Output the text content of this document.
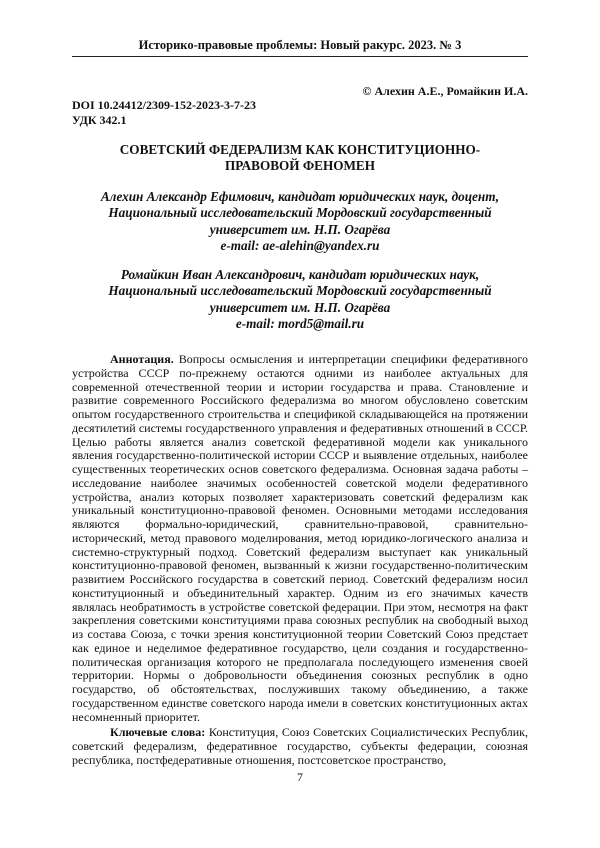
Историко-правовые проблемы: Новый ракурс. 2023. № 3
© Алехин А.Е., Ромайкин И.А.
DOI 10.24412/2309-152-2023-3-7-23
УДК 342.1
СОВЕТСКИЙ ФЕДЕРАЛИЗМ КАК КОНСТИТУЦИОННО-
ПРАВОВОЙ ФЕНОМЕН
Алехин Александр Ефимович, кандидат юридических наук, доцент,
Национальный исследовательский Мордовский государственный
университет им. Н.П. Огарёва
e-mail: ae-alehin@yandex.ru
Ромайкин Иван Александрович, кандидат юридических наук,
Национальный исследовательский Мордовский государственный
университет им. Н.П. Огарёва
e-mail: mord5@mail.ru

Аннотация. Вопросы осмысления и интерпретации специфики федеративного устройства СССР по-прежнему остаются одними из наиболее актуальных для современной отечественной теории и истории государства и права. Становление и развитие современного Российского федерализма во многом обусловлено советским опытом государственного строительства и спецификой складывающейся на протяжении десятилетий системы государственного управления и федеративных отношений в СССР. Целью работы является анализ советской федеративной модели как уникального явления государственно-политической истории СССР и выявление отдельных, наиболее существенных теоретических основ советского федерализма. Основная задача работы – исследование наиболее значимых особенностей советской модели федеративного устройства, анализ которых позволяет характеризовать советский федерализм как уникальный конституционно-правовой феномен. Основными методами исследования являются формально-юридический, сравнительно-правовой, сравнительно-исторический, метод правового моделирования, метод юридико-логического анализа и системно-структурный подход. Советский федерализм выступает как уникальный конституционно-правовой феномен, вызванный к жизни государственно-политическим развитием Российского государства в советский период. Советский федерализм носил конституционный и объединительный характер. Одним из его значимых качеств являлась необратимость в устройстве советской федерации. При этом, несмотря на факт закрепления советскими конституциями права союзных республик на свободный выход из состава Союза, с точки зрения конституционной теории Советский Союз предстает как единое и неделимое федеративное государство, цели создания и государственно-политическая организация которого не предполагала последующего изменения своей территории. Нормы о добровольности объединения союзных республик в одно государство, об обстоятельствах, послуживших такому объединению, а также государственном единстве советского народа имели в советских конституционных актах несомненный приоритет.

Ключевые слова: Конституция, Союз Советских Социалистических Республик, советский федерализм, федеративное государство, субъекты федерации, союзная республика, постфедеративные отношения, постсоветское пространство,

7
